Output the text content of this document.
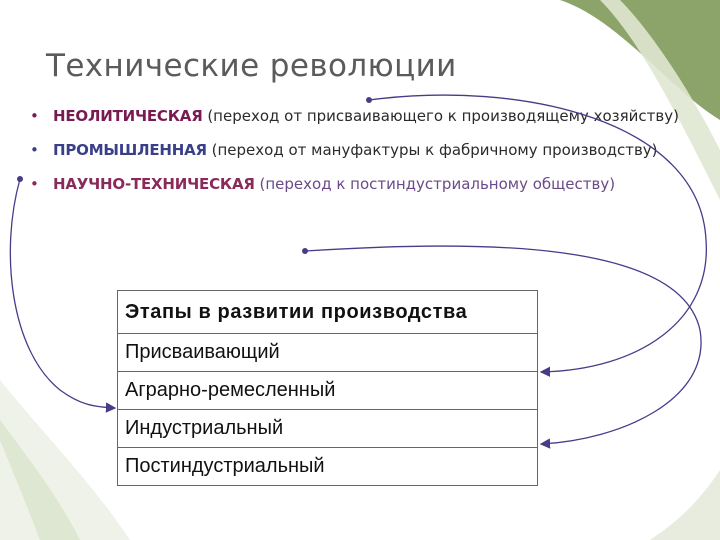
Технические революции
• НЕОЛИТИЧЕСКАЯ (переход от присваивающего к производящему хозяйству)
• ПРОМЫШЛЕННАЯ (переход от мануфактуры к фабричному производству)
• НАУЧНО-ТЕХНИЧЕСКАЯ (переход к постиндустриальному обществу)
Этапы в развитии производства
Присваивающий
Аграрно-ремесленный
Индустриальный
Постиндустриальный
